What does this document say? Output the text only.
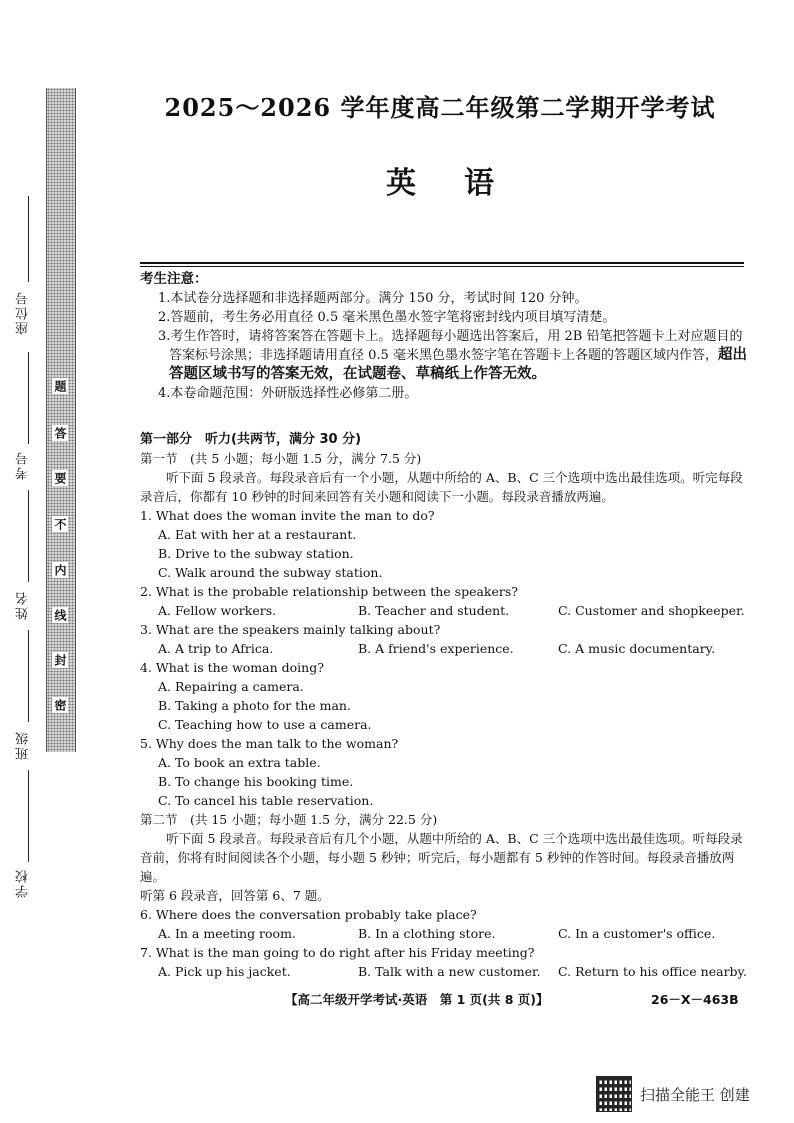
题
答
要
不
内
线
封
密
座位号
考号
姓名
班级
学校
2025～2026 学年度高二年级第二学期开学考试
英语
考生注意：
1.本试卷分选择题和非选择题两部分。满分 150 分，考试时间 120 分钟。
2.答题前，考生务必用直径 0.5 毫米黑色墨水签字笔将密封线内项目填写清楚。
3.考生作答时，请将答案答在答题卡上。选择题每小题选出答案后，用 2B 铅笔把答题卡上对应题目的答案标号涂黑；非选择题请用直径 0.5 毫米黑色墨水签字笔在答题卡上各题的答题区域内作答，超出答题区域书写的答案无效，在试题卷、草稿纸上作答无效。
4.本卷命题范围：外研版选择性必修第二册。
第一部分　听力(共两节，满分 30 分)
第一节　(共 5 小题；每小题 1.5 分，满分 7.5 分)
听下面 5 段录音。每段录音后有一个小题，从题中所给的 A、B、C 三个选项中选出最佳选项。听完每段录音后，你都有 10 秒钟的时间来回答有关小题和阅读下一小题。每段录音播放两遍。
1. What does the woman invite the man to do?
A. Eat with her at a restaurant.
B. Drive to the subway station.
C. Walk around the subway station.
2. What is the probable relationship between the speakers?
A. Fellow workers.	B. Teacher and student.	C. Customer and shopkeeper.
3. What are the speakers mainly talking about?
A. A trip to Africa.	B. A friend's experience.	C. A music documentary.
4. What is the woman doing?
A. Repairing a camera.
B. Taking a photo for the man.
C. Teaching how to use a camera.
5. Why does the man talk to the woman?
A. To book an extra table.
B. To change his booking time.
C. To cancel his table reservation.
第二节　(共 15 小题；每小题 1.5 分，满分 22.5 分)
听下面 5 段录音。每段录音后有几个小题，从题中所给的 A、B、C 三个选项中选出最佳选项。听每段录音前，你将有时间阅读各个小题，每小题 5 秒钟；听完后，每小题都有 5 秒钟的作答时间。每段录音播放两遍。
听第 6 段录音，回答第 6、7 题。
6. Where does the conversation probably take place?
A. In a meeting room.	B. In a clothing store.	C. In a customer's office.
7. What is the man going to do right after his Friday meeting?
A. Pick up his jacket.	B. Talk with a new customer.	C. Return to his office nearby.
【高二年级开学考试·英语　第 1 页(共 8 页)】	26－X－463B
扫描全能王 创建
